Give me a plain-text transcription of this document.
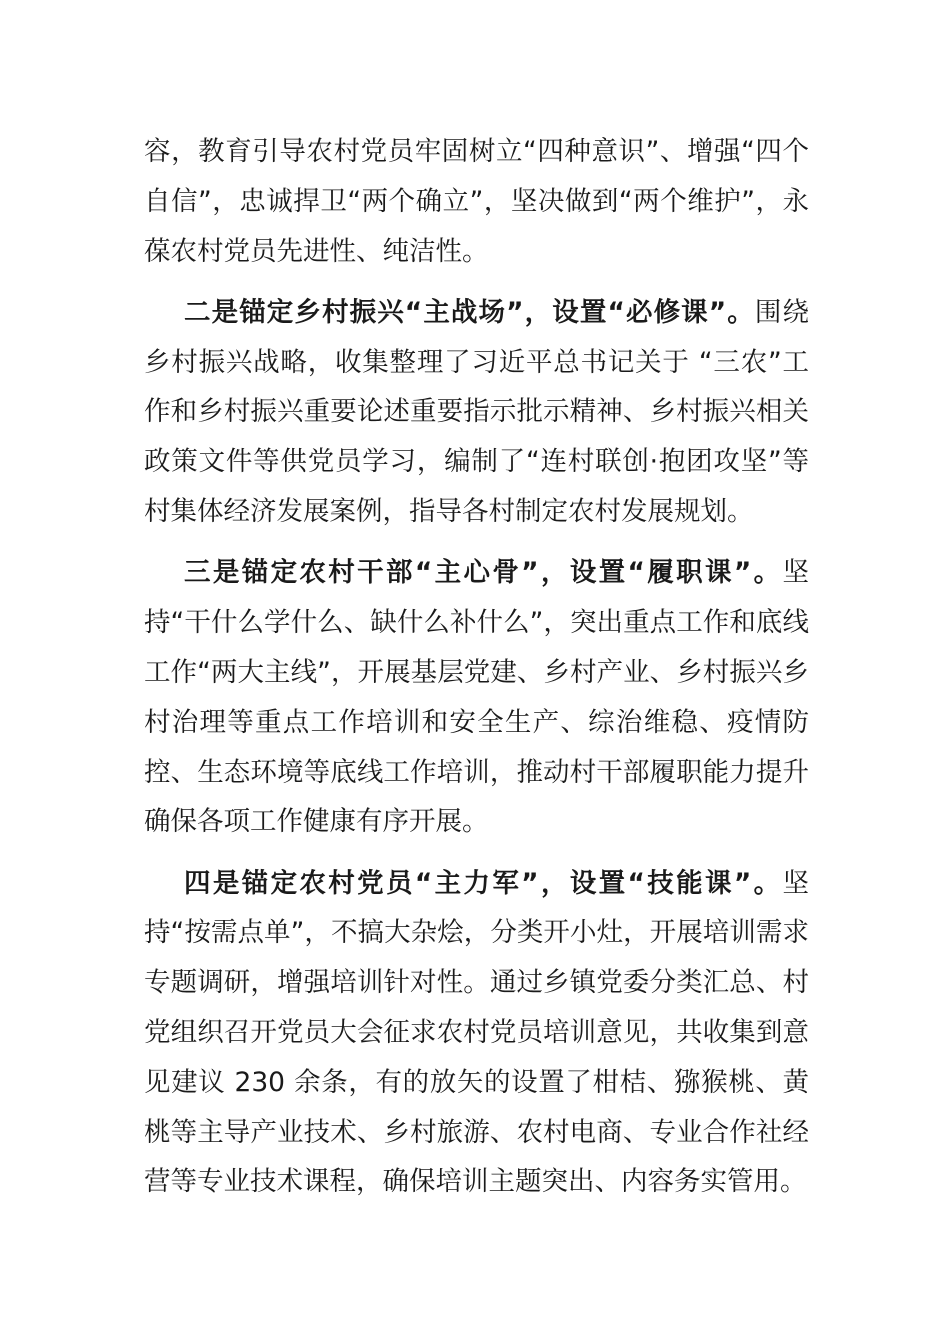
容，教育引导农村党员牢固树立“四种意识”、增强“四个自信”，忠诚捍卫“两个确立”，坚决做到“两个维护”，永葆农村党员先进性、纯洁性。

二是锚定乡村振兴“主战场”，设置“必修课”。围绕乡村振兴战略，收集整理了习近平总书记关于 “三农”工作和乡村振兴重要论述重要指示批示精神、乡村振兴相关政策文件等供党员学习，编制了“连村联创·抱团攻坚”等村集体经济发展案例，指导各村制定农村发展规划。

三是锚定农村干部“主心骨”，设置“履职课”。坚持“干什么学什么、缺什么补什么”，突出重点工作和底线工作“两大主线”，开展基层党建、乡村产业、乡村振兴乡村治理等重点工作培训和安全生产、综治维稳、疫情防控、生态环境等底线工作培训，推动村干部履职能力提升确保各项工作健康有序开展。

四是锚定农村党员“主力军”，设置“技能课”。坚持“按需点单”，不搞大杂烩，分类开小灶，开展培训需求专题调研，增强培训针对性。通过乡镇党委分类汇总、村党组织召开党员大会征求农村党员培训意见，共收集到意见建议 230 余条，有的放矢的设置了柑桔、猕猴桃、黄桃等主导产业技术、乡村旅游、农村电商、专业合作社经营等专业技术课程，确保培训主题突出、内容务实管用。
